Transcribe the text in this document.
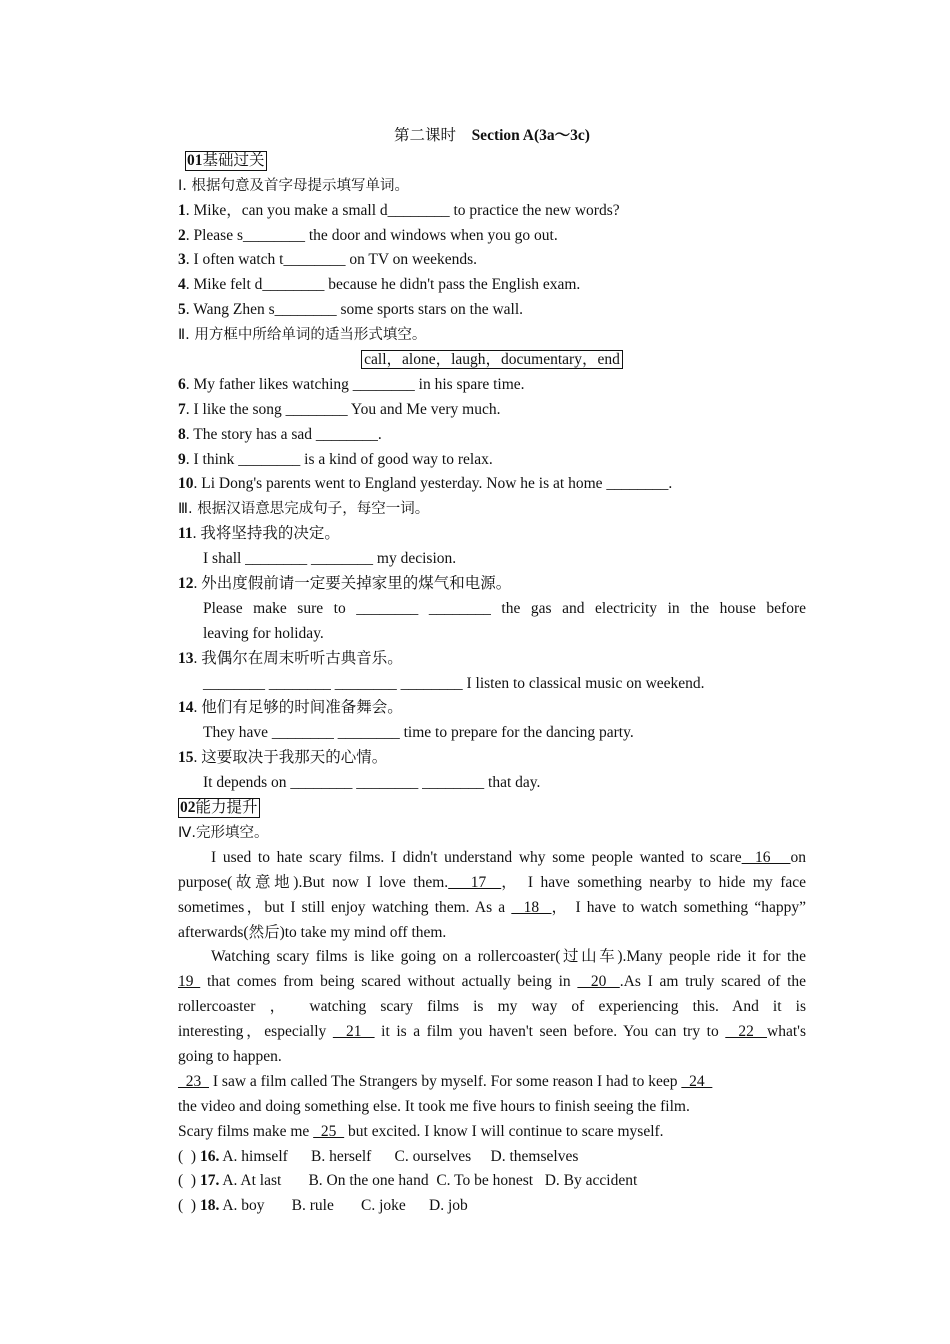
第二课时 Section A(3a～3c)
01基础过关
Ⅰ. 根据句意及首字母提示填写单词。
1. Mike，can you make a small d________ to practice the new words?
2. Please s________ the door and windows when you go out.
3. I often watch t________ on TV on weekends.
4. Mike felt d________ because he didn't pass the English exam.
5. Wang Zhen s________ some sports stars on the wall.
Ⅱ. 用方框中所给单词的适当形式填空。
call，alone，laugh，documentary，end
6. My father likes watching ________ in his spare time.
7. I like the song ________ You and Me very much.
8. The story has a sad ________.
9. I think ________ is a kind of good way to relax.
10. Li Dong's parents went to England yesterday. Now he is at home ________.
Ⅲ. 根据汉语意思完成句子，每空一词。
11. 我将坚持我的决定。
I shall ________ ________ my decision.
12. 外出度假前请一定要关掉家里的煤气和电源。
Please make sure to ________ ________ the gas and electricity in the house before
leaving for holiday.
13. 我偶尔在周末听听古典音乐。
________ ________ ________ ________ I listen to classical music on weekend.
14. 他们有足够的时间准备舞会。
They have ________ ________ time to prepare for the dancing party.
15. 这要取决于我那天的心情。
It depends on ________ ________ ________ that day.
02能力提升
Ⅳ.完形填空。
I used to hate scary films. I didn't understand why some people wanted to scare  16   on
purpose(故意地).But now I love them.   17  ， I have something nearby to hide my face
sometimes，but I still enjoy watching them. As a   18  ， I have to watch something “happy”
afterwards(然后)to take my mind off them.
Watching scary films is like going on a rollercoaster(过山车).Many people ride it for the
19  that comes from being scared without actually being in   20  .As I am truly scared of the
rollercoaster ， watching scary films is my way of experiencing this. And it is
interesting，especially   21   it is a film you haven't seen before. You can try to   22  what's
going to happen.
23   I saw a film called The Strangers by myself. For some reason I had to keep   24
the video and doing something else. It took me five hours to finish seeing the film.
Scary films make me   25   but excited. I know I will continue to scare myself.
(  ) 16. A. himself      B. herself      C. ourselves     D. themselves
(  ) 17. A. At last       B. On the one hand  C. To be honest   D. By accident
(  ) 18. A. boy       B. rule       C. joke      D. job
